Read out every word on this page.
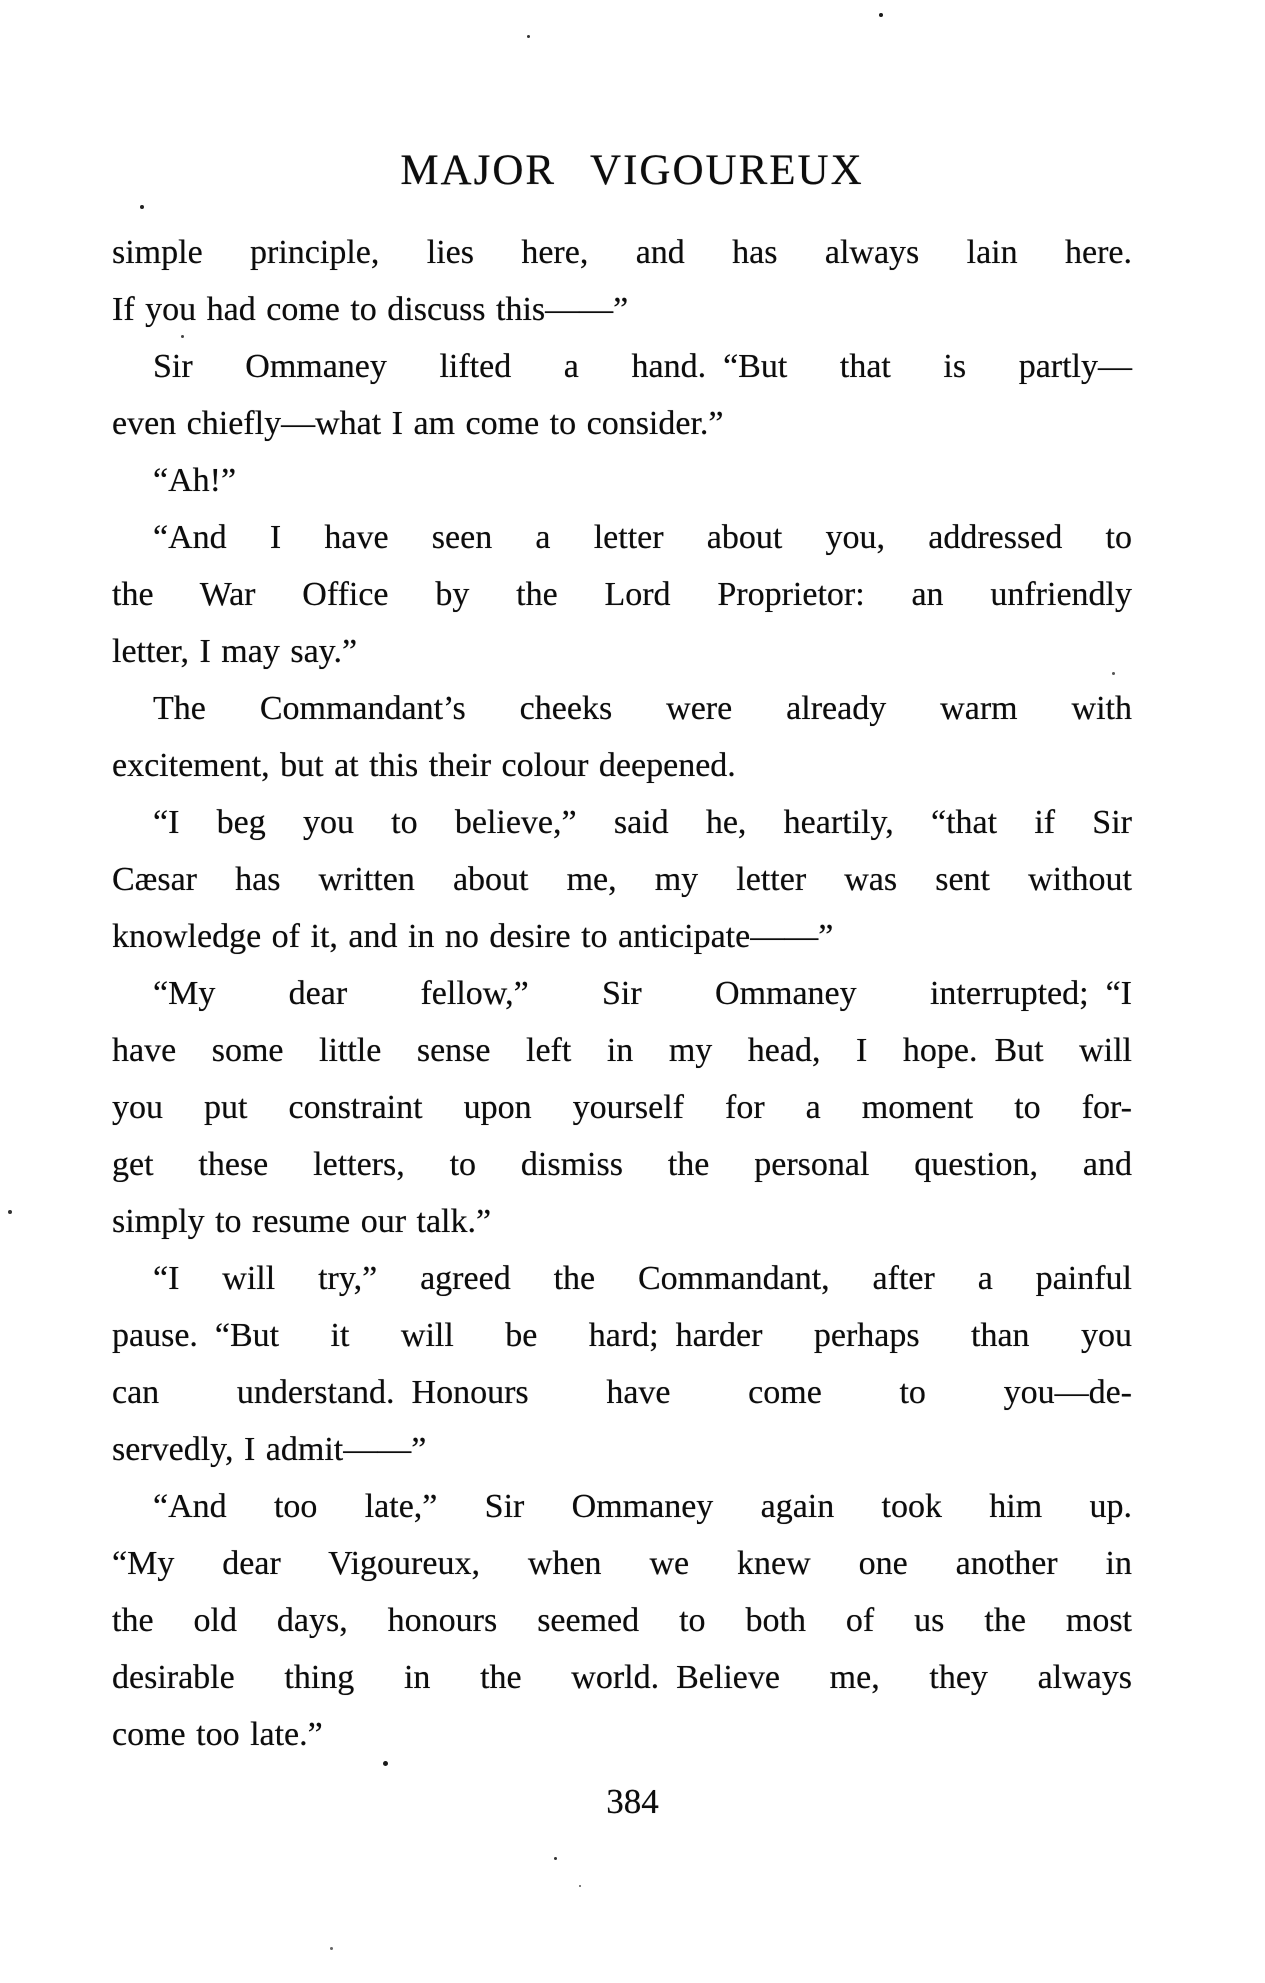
MAJOR VIGOUREUX
simple principle, lies here, and has always lain here.
If you had come to discuss this——”
Sir Ommaney lifted a hand. “But that is partly—
even chiefly—what I am come to consider.”
“Ah!”
“And I have seen a letter about you, addressed to
the War Office by the Lord Proprietor: an unfriendly
letter, I may say.”
The Commandant’s cheeks were already warm with
excitement, but at this their colour deepened.
“I beg you to believe,” said he, heartily, “that if Sir
Cæsar has written about me, my letter was sent without
knowledge of it, and in no desire to anticipate——”
“My dear fellow,” Sir Ommaney interrupted; “I
have some little sense left in my head, I hope. But will
you put constraint upon yourself for a moment to for-
get these letters, to dismiss the personal question, and
simply to resume our talk.”
“I will try,” agreed the Commandant, after a painful
pause. “But it will be hard; harder perhaps than you
can understand. Honours have come to you—de-
servedly, I admit——”
“And too late,” Sir Ommaney again took him up.
“My dear Vigoureux, when we knew one another in
the old days, honours seemed to both of us the most
desirable thing in the world. Believe me, they always
come too late.”
384
